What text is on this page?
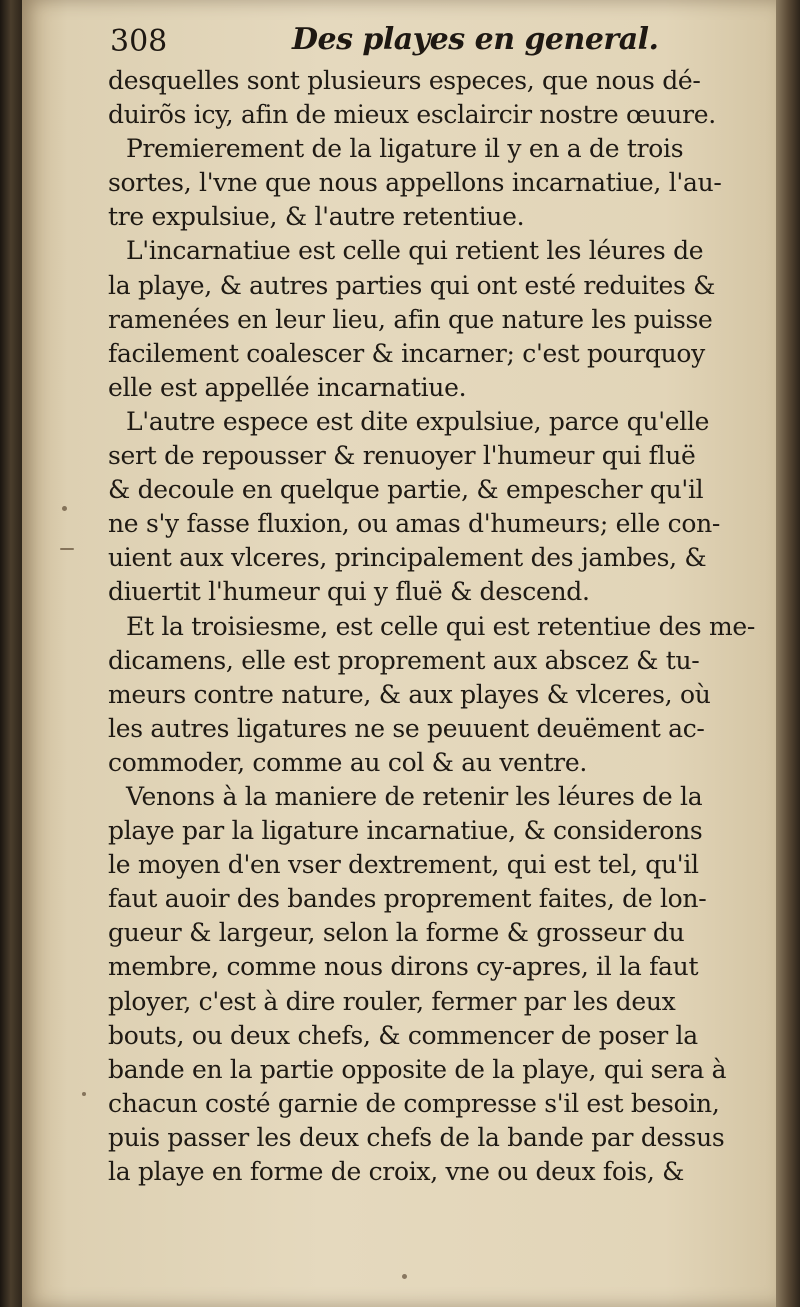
308	Des playes en general.
desquelles sont plusieurs especes, que nous dé-
duirõs icy, afin de mieux esclaircir nostre œuure.
Premierement de la ligature il y en a de trois
sortes, l'vne que nous appellons incarnatiue, l'au-
tre expulsiue, & l'autre retentiue.
L'incarnatiue est celle qui retient les léures de
la playe, & autres parties qui ont esté reduites &
ramenées en leur lieu, afin que nature les puisse
facilement coalescer & incarner; c'est pourquoy
elle est appellée incarnatiue.
L'autre espece est dite expulsiue, parce qu'elle
sert de repousser & renuoyer l'humeur qui fluë
& decoule en quelque partie, & empescher qu'il
ne s'y fasse fluxion, ou amas d'humeurs; elle con-
uient aux vlceres, principalement des jambes, &
diuertit l'humeur qui y fluë & descend.
Et la troisiesme, est celle qui est retentiue des me-
dicamens, elle est proprement aux abscez & tu-
meurs contre nature, & aux playes & vlceres, où
les autres ligatures ne se peuuent deuëment ac-
commoder, comme au col & au ventre.
Venons à la maniere de retenir les léures de la
playe par la ligature incarnatiue, & considerons
le moyen d'en vser dextrement, qui est tel, qu'il
faut auoir des bandes proprement faites, de lon-
gueur & largeur, selon la forme & grosseur du
membre, comme nous dirons cy-apres, il la faut
ployer, c'est à dire rouler, fermer par les deux
bouts, ou deux chefs, & commencer de poser la
bande en la partie opposite de la playe, qui sera à
chacun costé garnie de compresse s'il est besoin,
puis passer les deux chefs de la bande par dessus
la playe en forme de croix, vne ou deux fois, &
